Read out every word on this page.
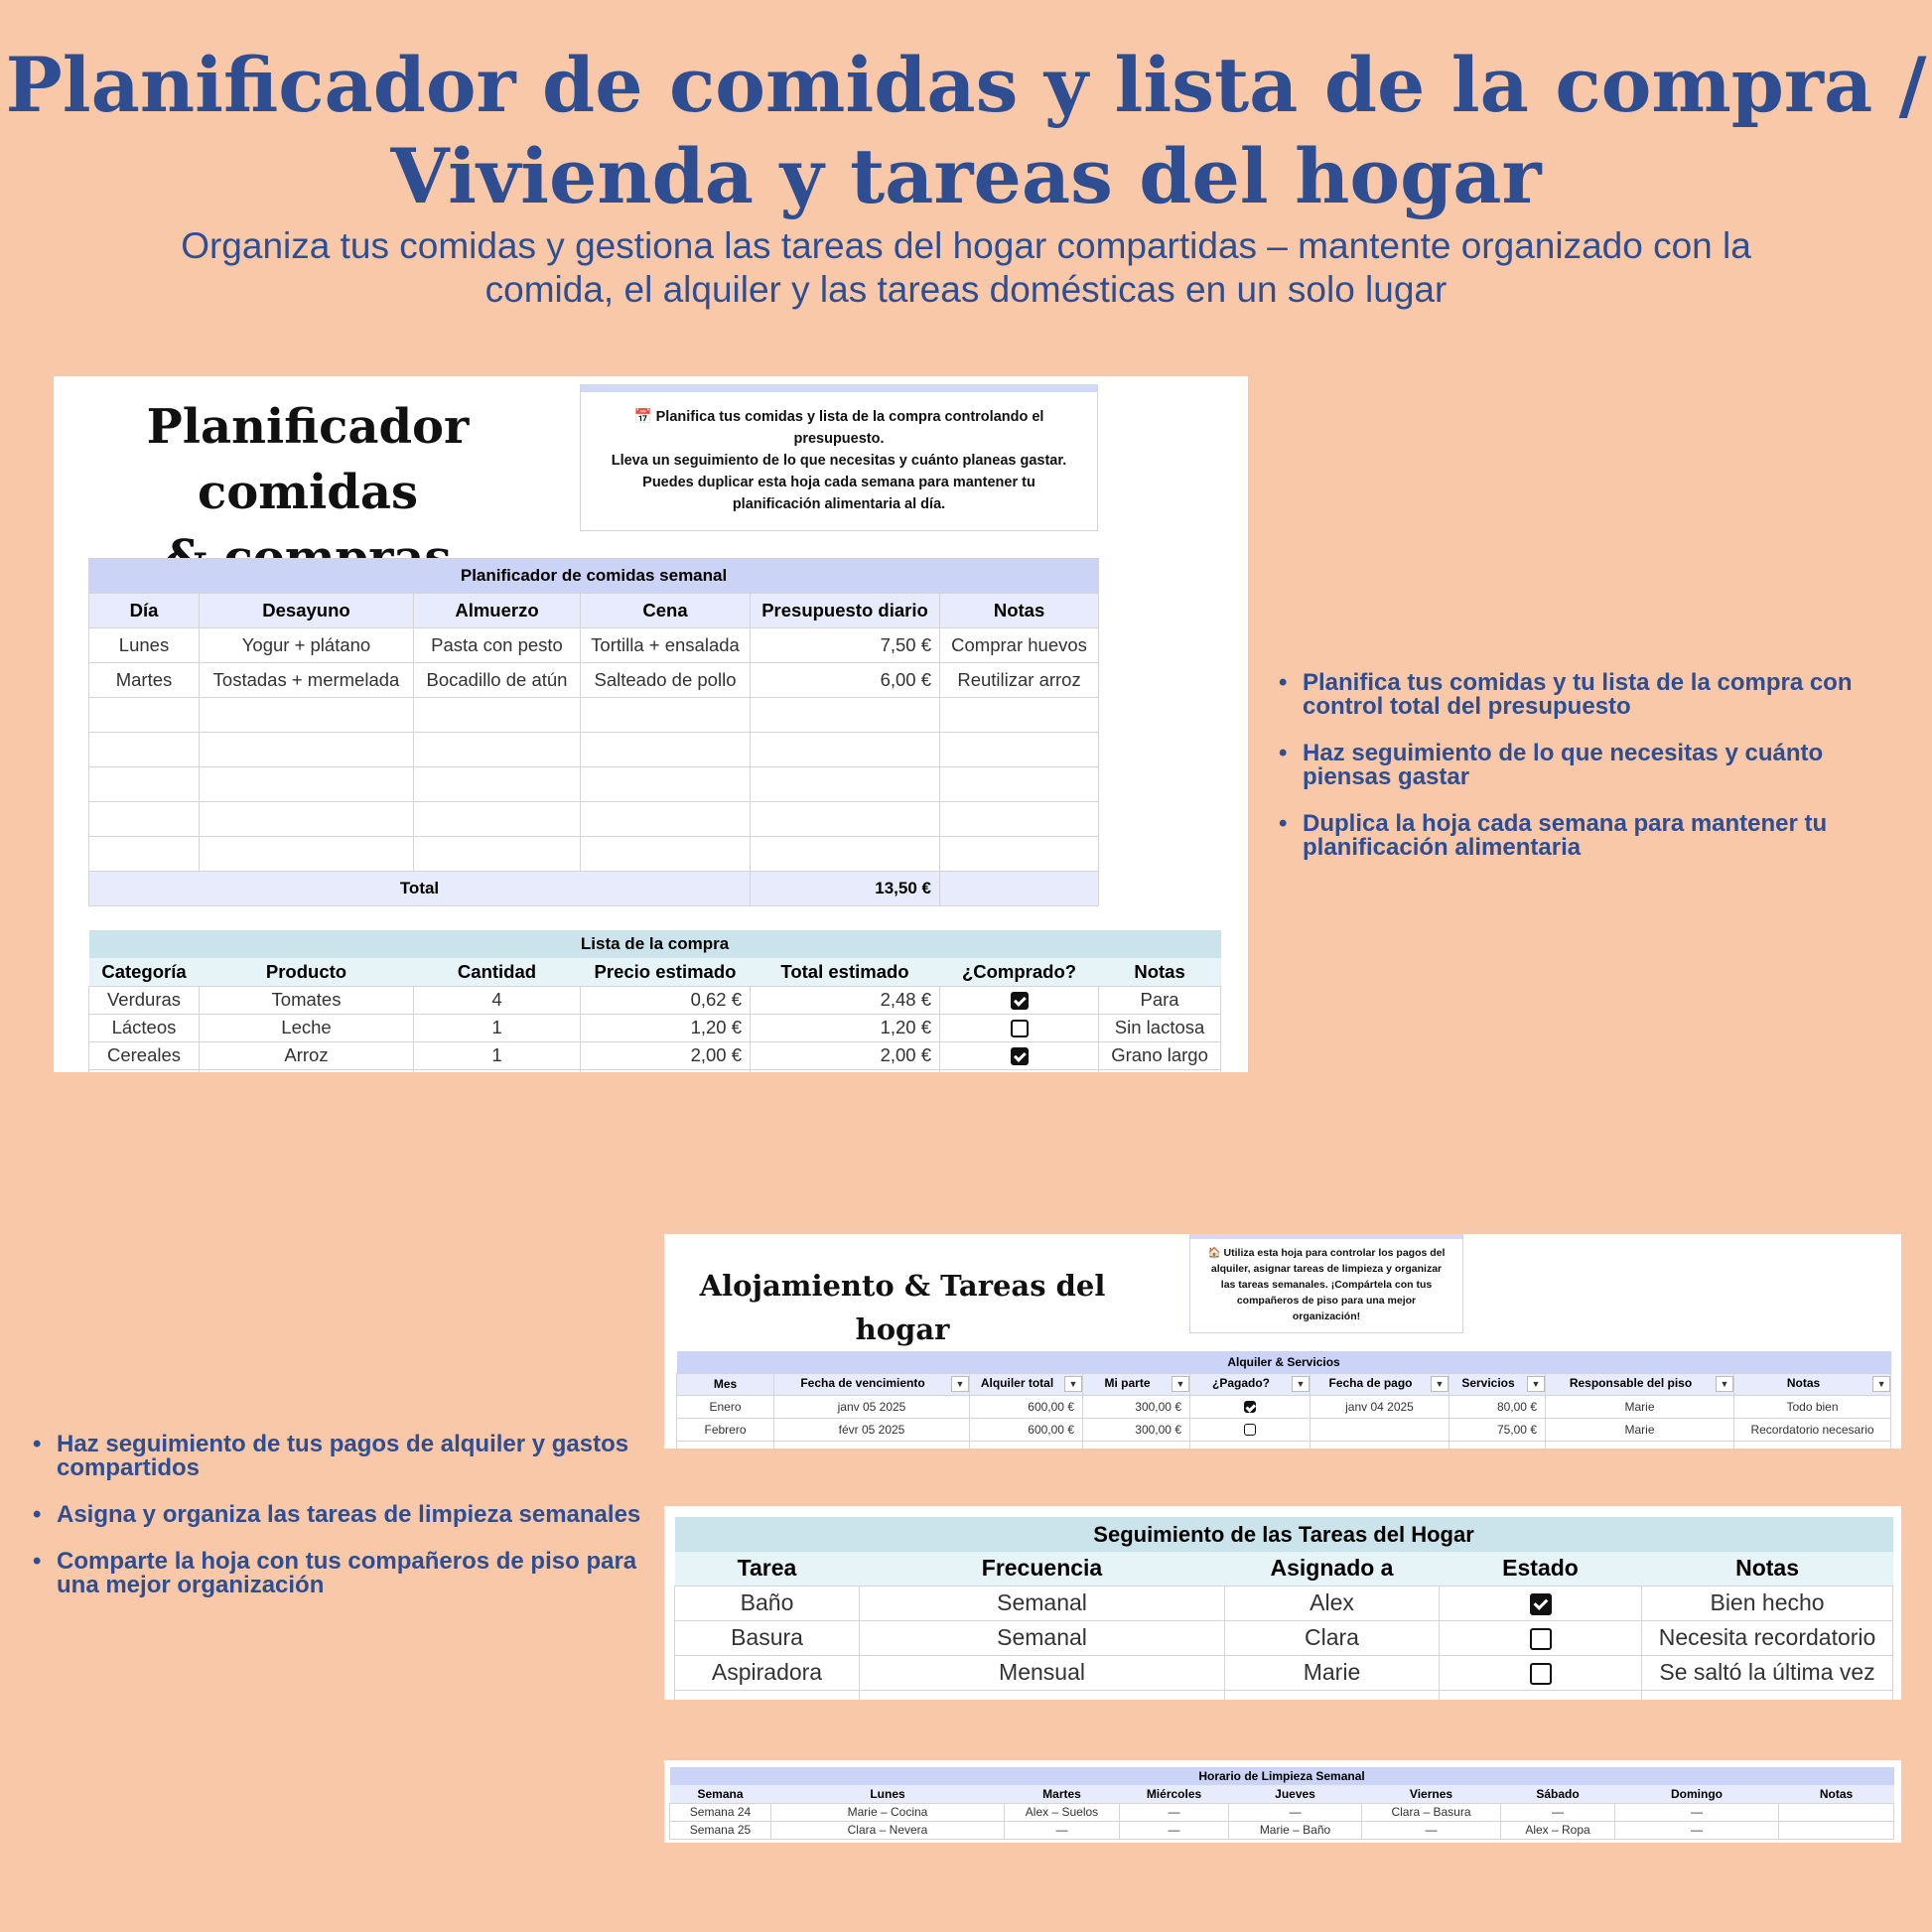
Planificador de comidas y lista de la compra /
Vivienda y tareas del hogar
Organiza tus comidas y gestiona las tareas del hogar compartidas – mantente organizado con la
comida, el alquiler y las tareas domésticas en un solo lugar
Planificador comidas
& compras
📅 Planifica tus comidas y lista de la compra controlando el
presupuesto.
Lleva un seguimiento de lo que necesitas y cuánto planeas gastar.
Puedes duplicar esta hoja cada semana para mantener tu
planificación alimentaria al día.
Planificador de comidas semanal					
Día	Desayuno	Almuerzo	Cena	Presupuesto diario	Notas
Lunes	Yogur + plátano	Pasta con pesto	Tortilla + ensalada	7,50 €	Comprar huevos
Martes	Tostadas + mermelada	Bocadillo de atún	Salteado de pollo	6,00 €	Reutilizar arroz

Total				13,50 €	
Lista de la compra						
Categoría	Producto	Cantidad	Precio estimado	Total estimado	¿Comprado?	Notas
Verduras	Tomates	4	0,62 €	2,48 €		Para
Lácteos	Leche	1	1,20 €	1,20 €		Sin lactosa
Cereales	Arroz	1	2,00 €	2,00 €		Grano largo

• Planifica tus comidas y tu lista de la compra con control total del presupuesto
• Haz seguimiento de lo que necesitas y cuánto piensas gastar
• Duplica la hoja cada semana para mantener tu planificación alimentaria
• Haz seguimiento de tus pagos de alquiler y gastos compartidos
• Asigna y organiza las tareas de limpieza semanales
• Comparte la hoja con tus compañeros de piso para una mejor organización
Alojamiento & Tareas del hogar
🏠 Utiliza esta hoja para controlar los pagos del
alquiler, asignar tareas de limpieza y organizar
las tareas semanales. ¡Compártela con tus
compañeros de piso para una mejor
organización!
Alquiler & Servicios								
Mes	Fecha de vencimiento ▼	Alquiler total ▼	Mi parte ▼	¿Pagado? ▼	Fecha de pago ▼	Servicios ▼	Responsable del piso ▼	Notas ▼

Enero	janv 05 2025	600,00 €	300,00 €		janv 04 2025	80,00 €	Marie	Todo bien
Febrero	févr 05 2025	600,00 €	300,00 €			75,00 €	Marie	Recordatorio necesario

Seguimiento de las Tareas del Hogar				
Tarea	Frecuencia	Asignado a	Estado	Notas
Baño	Semanal	Alex		Bien hecho
Basura	Semanal	Clara		Necesita recordatorio
Aspiradora	Mensual	Marie		Se saltó la última vez

Horario de Limpieza Semanal								
Semana	Lunes	Martes	Miércoles	Jueves	Viernes	Sábado	Domingo	Notas
Semana 24	Marie – Cocina	Alex – Suelos	—	—	Clara – Basura	—	—	
Semana 25	Clara – Nevera	—	—	Marie – Baño	—	Alex – Ropa	—	
